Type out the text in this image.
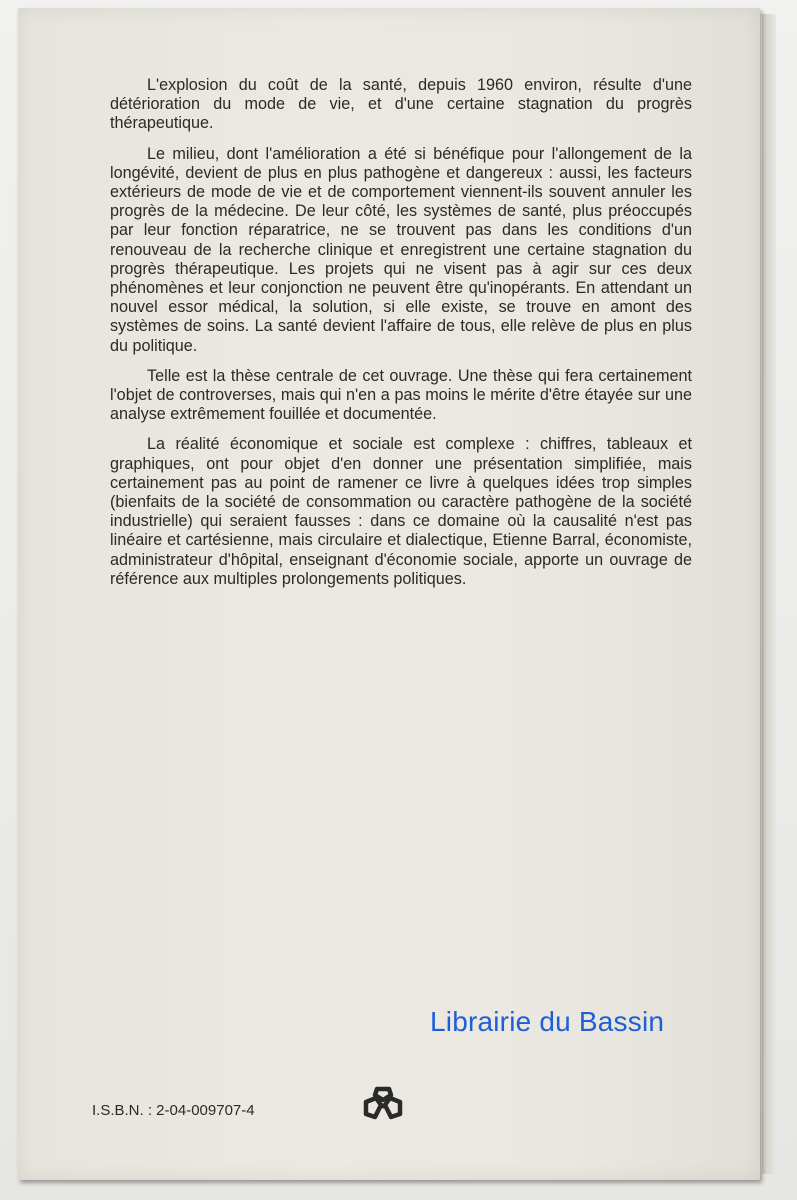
L'explosion du coût de la santé, depuis 1960 environ, résulte d'une détérioration du mode de vie, et d'une certaine stagnation du progrès thérapeutique.

Le milieu, dont l'amélioration a été si bénéfique pour l'allongement de la longévité, devient de plus en plus pathogène et dangereux : aussi, les facteurs extérieurs de mode de vie et de comportement viennent-ils souvent annuler les progrès de la médecine. De leur côté, les systèmes de santé, plus préoccupés par leur fonction réparatrice, ne se trouvent pas dans les conditions d'un renouveau de la recherche clinique et enregistrent une certaine stagnation du progrès thérapeutique. Les projets qui ne visent pas à agir sur ces deux phénomènes et leur conjonction ne peuvent être qu'inopérants. En attendant un nouvel essor médical, la solution, si elle existe, se trouve en amont des systèmes de soins. La santé devient l'affaire de tous, elle relève de plus en plus du politique.

Telle est la thèse centrale de cet ouvrage. Une thèse qui fera certainement l'objet de controverses, mais qui n'en a pas moins le mérite d'être étayée sur une analyse extrêmement fouillée et documentée.

La réalité économique et sociale est complexe : chiffres, tableaux et graphiques, ont pour objet d'en donner une présentation simplifiée, mais certainement pas au point de ramener ce livre à quelques idées trop simples (bienfaits de la société de consommation ou caractère pathogène de la société industrielle) qui seraient fausses : dans ce domaine où la causalité n'est pas linéaire et cartésienne, mais circulaire et dialectique, Etienne Barral, économiste, administrateur d'hôpital, enseignant d'économie sociale, apporte un ouvrage de référence aux multiples prolongements politiques.

Librairie du Bassin
I.S.B.N. : 2-04-009707-4
